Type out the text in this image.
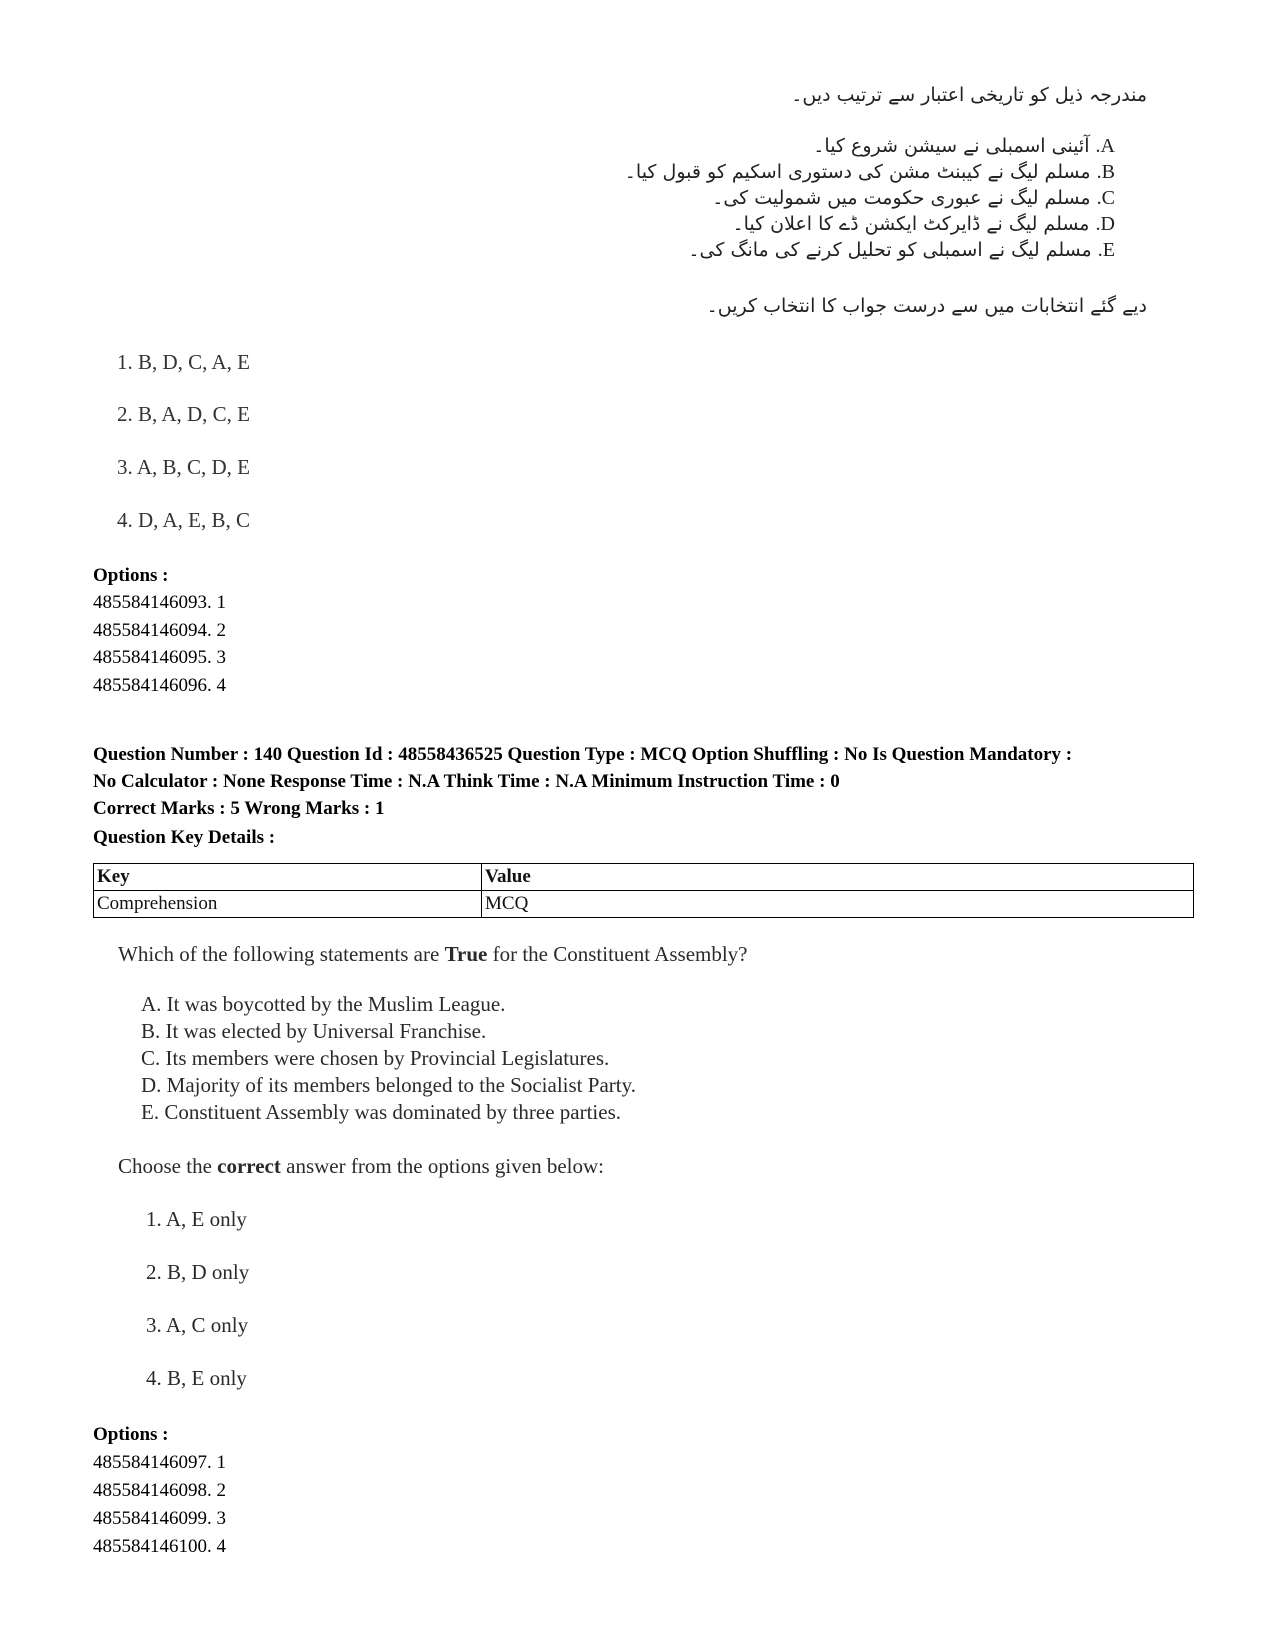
مندرجہ ذیل کو تاریخی اعتبار سے ترتیب دیں۔
A. آئینی اسمبلی نے سیشن شروع کیا۔
B. مسلم لیگ نے کیبنٹ مشن کی دستوری اسکیم کو قبول کیا۔
C. مسلم لیگ نے عبوری حکومت میں شمولیت کی۔
D. مسلم لیگ نے ڈایرکٹ ایکشن ڈے کا اعلان کیا۔
E. مسلم لیگ نے اسمبلی کو تحلیل کرنے کی مانگ کی۔
دیے گئے انتخابات میں سے درست جواب کا انتخاب کریں۔
1. B, D, C, A, E
2. B, A, D, C, E
3. A, B, C, D, E
4. D, A, E, B, C
Options :
485584146093. 1
485584146094. 2
485584146095. 3
485584146096. 4
Question Number : 140 Question Id : 48558436525 Question Type : MCQ Option Shuffling : No Is Question Mandatory :
No Calculator : None Response Time : N.A Think Time : N.A Minimum Instruction Time : 0
Correct Marks : 5 Wrong Marks : 1
Question Key Details :
Key	Value
Comprehension	MCQ
Which of the following statements are True for the Constituent Assembly?
A. It was boycotted by the Muslim League.
B. It was elected by Universal Franchise.
C. Its members were chosen by Provincial Legislatures.
D. Majority of its members belonged to the Socialist Party.
E. Constituent Assembly was dominated by three parties.
Choose the correct answer from the options given below:
1. A, E only
2. B, D only
3. A, C only
4. B, E only
Options :
485584146097. 1
485584146098. 2
485584146099. 3
485584146100. 4
